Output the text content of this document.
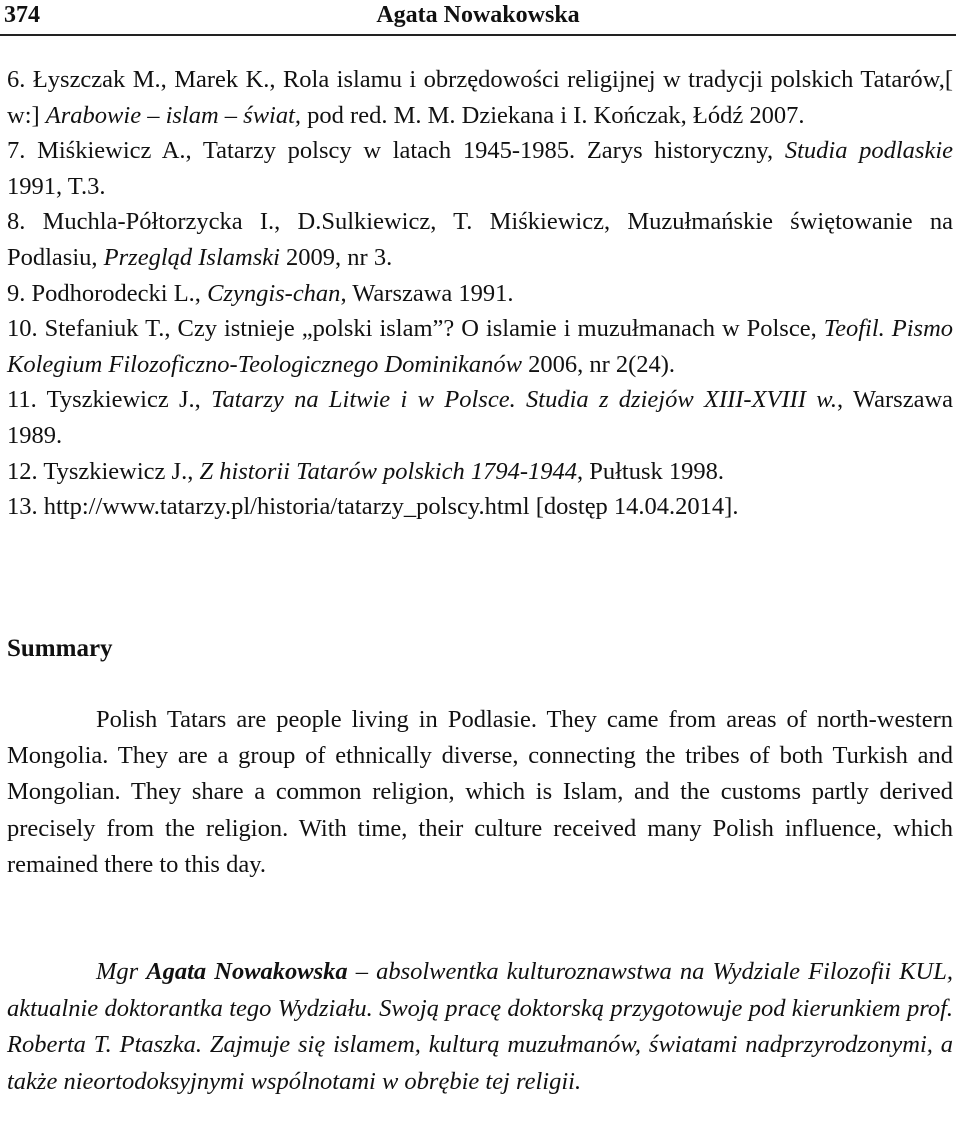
374	Agata Nowakowska
6. Łyszczak M., Marek K., Rola islamu i obrzędowości religijnej w tradycji polskich Tatarów,[ w:] Arabowie – islam – świat, pod red. M. M. Dziekana i I. Kończak, Łódź 2007.
7. Miśkiewicz A., Tatarzy polscy w latach 1945-1985. Zarys historyczny, Studia podlaskie 1991, T.3.
8. Muchla-Półtorzycka I., D.Sulkiewicz, T. Miśkiewicz, Muzułmańskie świętowanie na Podlasiu, Przegląd Islamski 2009, nr 3.
9. Podhorodecki L., Czyngis-chan, Warszawa 1991.
10. Stefaniuk T., Czy istnieje „polski islam”? O islamie i muzułmanach w Polsce, Teofil. Pismo Kolegium Filozoficzno-Teologicznego Dominikanów 2006, nr 2(24).
11. Tyszkiewicz J., Tatarzy na Litwie i w Polsce. Studia z dziejów XIII-XVIII w., Warszawa 1989.
12. Tyszkiewicz J., Z historii Tatarów polskich 1794-1944, Pułtusk 1998.
13. http://www.tatarzy.pl/historia/tatarzy_polscy.html [dostęp 14.04.2014].
Summary
Polish Tatars are people living in Podlasie. They came from areas of north-western Mongolia. They are a group of ethnically diverse, connecting the tribes of both Turkish and Mongolian. They share a common religion, which is Islam, and the customs partly derived precisely from the religion. With time, their culture received many Polish influence, which remained there to this day.
Mgr Agata Nowakowska – absolwentka kulturoznawstwa na Wydziale Filozofii KUL, aktualnie doktorantka tego Wydziału. Swoją pracę doktorską przygotowuje pod kierunkiem prof. Roberta T. Ptaszka. Zajmuje się islamem, kulturą muzułmanów, światami nadprzyrodzonymi, a także nieortodoksyjnymi wspólnotami w obrębie tej religii.
